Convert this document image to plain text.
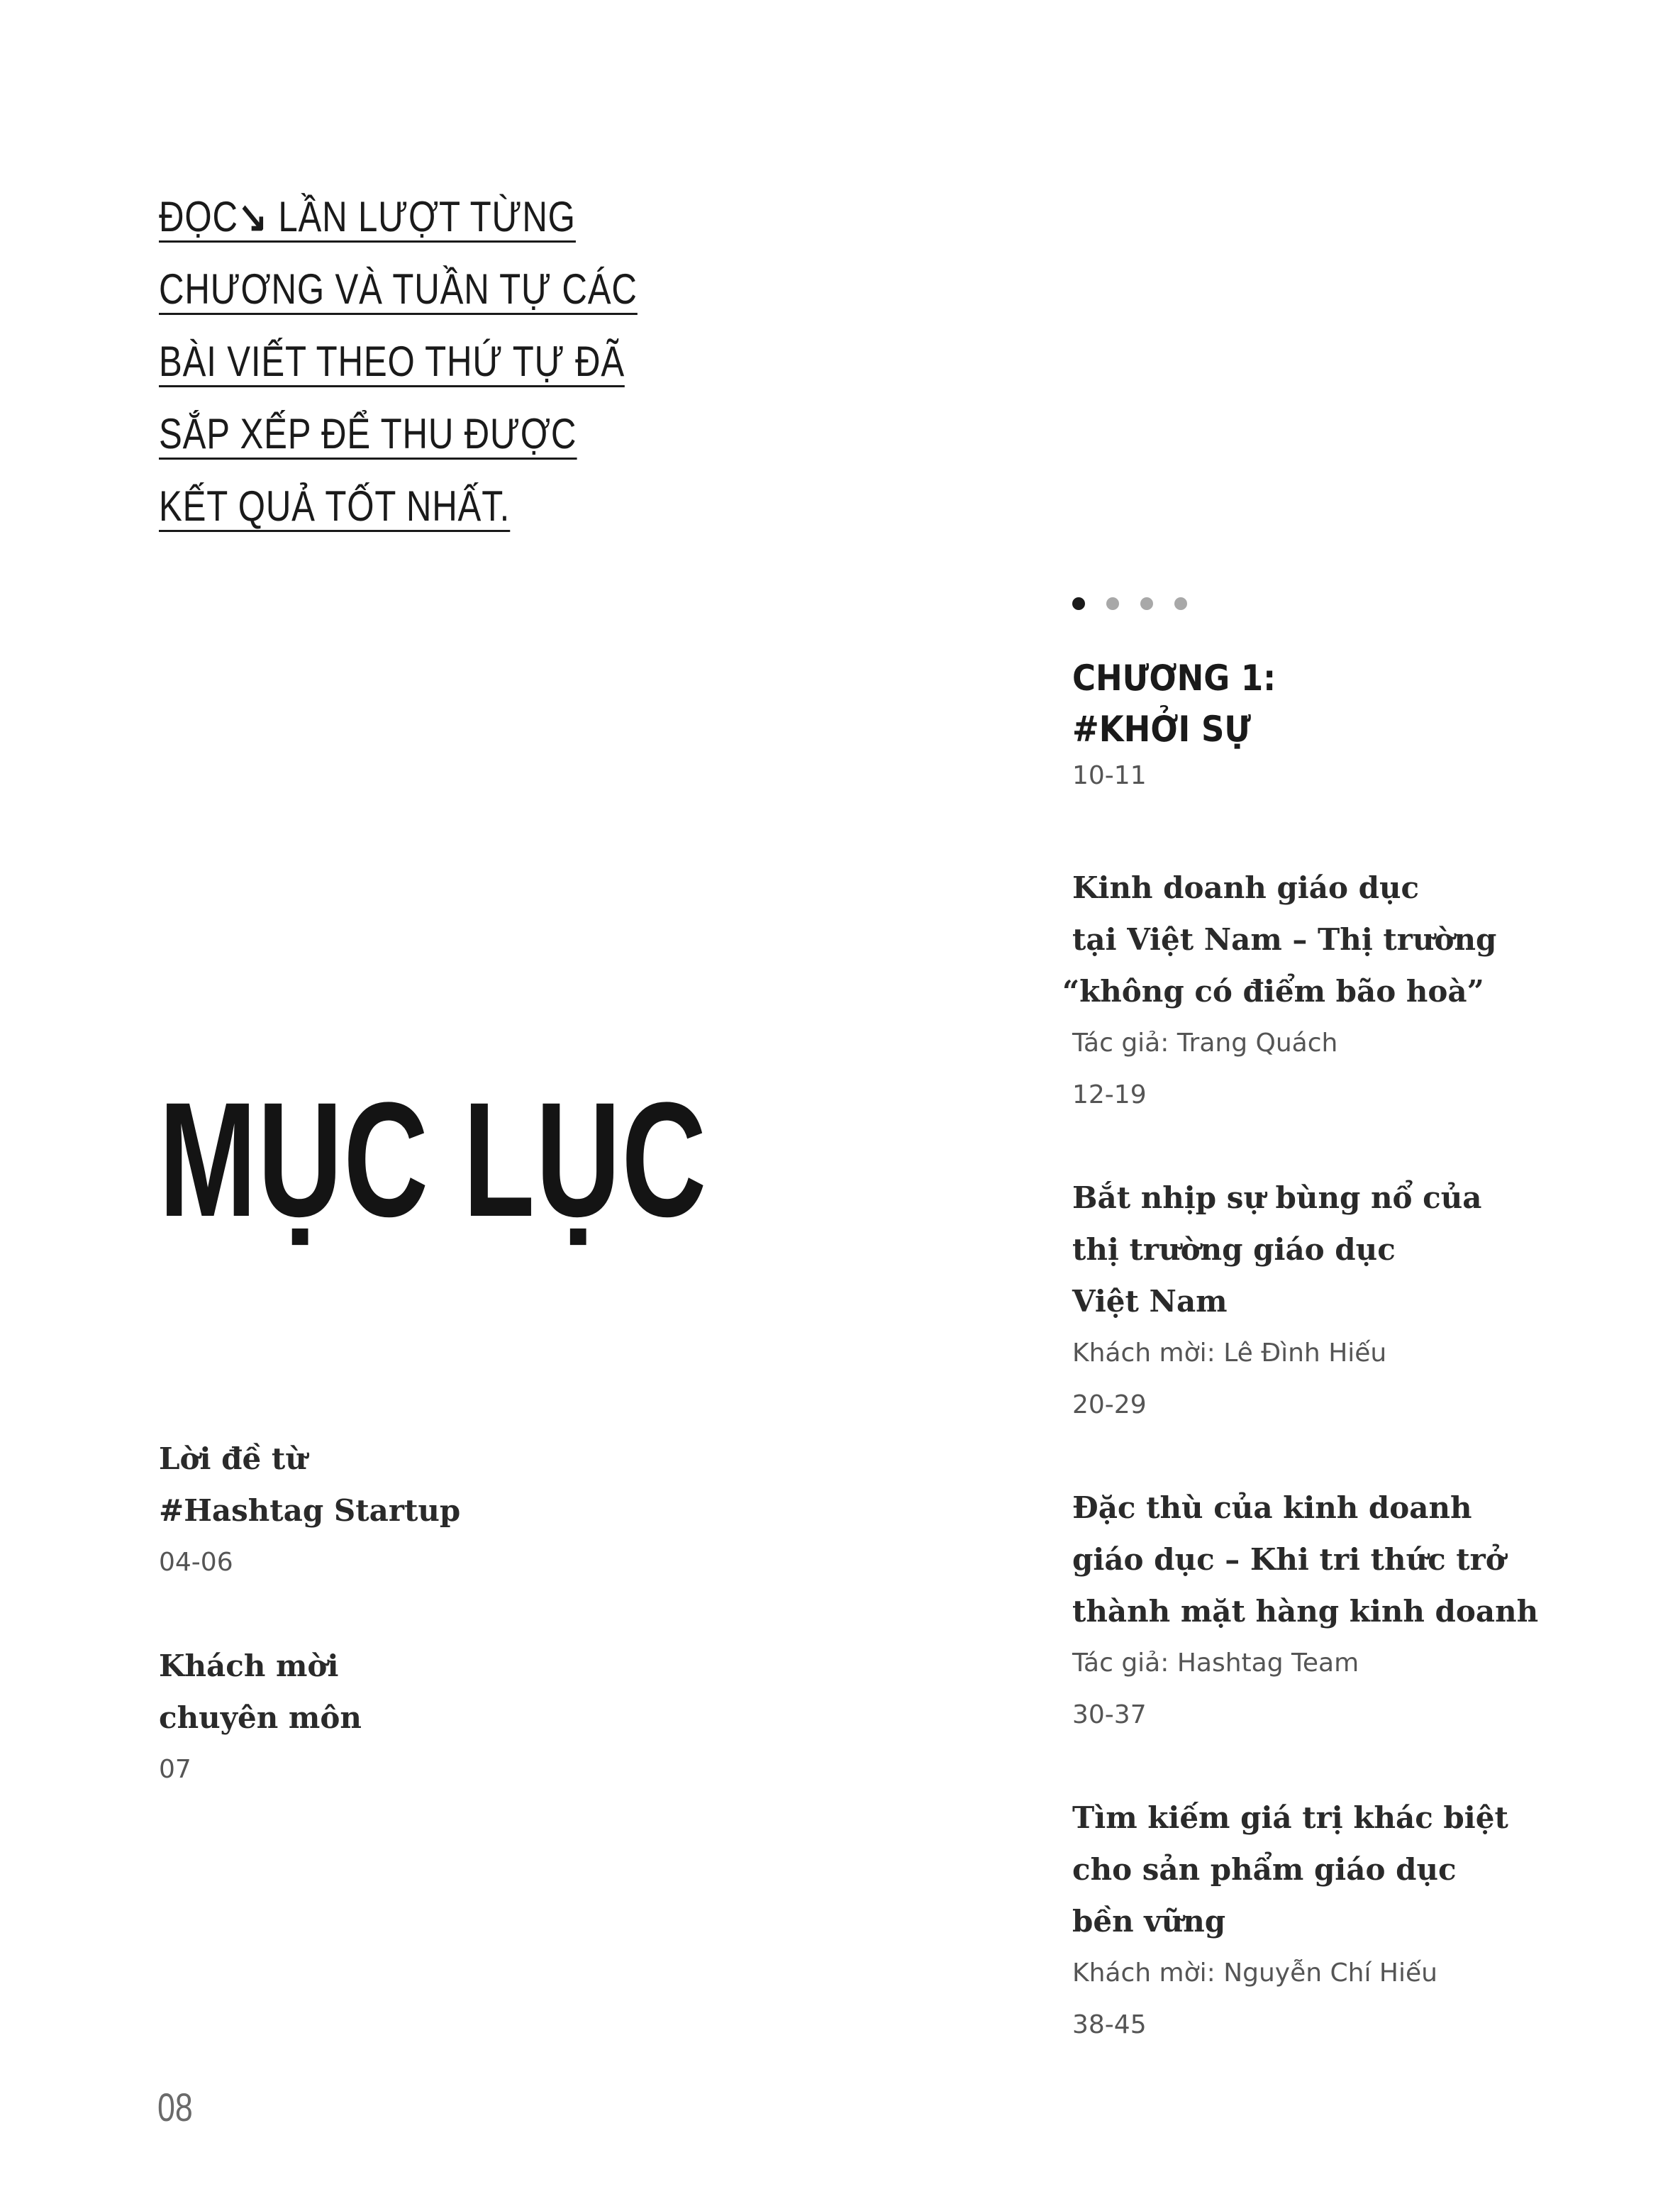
ĐỌC↘ LẦN LƯỢT TỪNG
CHƯƠNG VÀ TUẦN TỰ CÁC
BÀI VIẾT THEO THỨ TỰ ĐÃ
SẮP XẾP ĐỂ THU ĐƯỢC
KẾT QUẢ TỐT NHẤT.
MỤC LỤC
Lời đề từ
#Hashtag Startup
04-06
Khách mời
chuyên môn
07
CHƯƠNG 1:
#KHỞI SỰ
10-11
Kinh doanh giáo dục
tại Việt Nam – Thị trường
“không có điểm bão hoà”
Tác giả: Trang Quách
12-19
Bắt nhịp sự bùng nổ của
thị trường giáo dục
Việt Nam
Khách mời: Lê Đình Hiếu
20-29
Đặc thù của kinh doanh
giáo dục – Khi tri thức trở
thành mặt hàng kinh doanh
Tác giả: Hashtag Team
30-37
Tìm kiếm giá trị khác biệt
cho sản phẩm giáo dục
bền vững
Khách mời: Nguyễn Chí Hiếu
38-45
08
